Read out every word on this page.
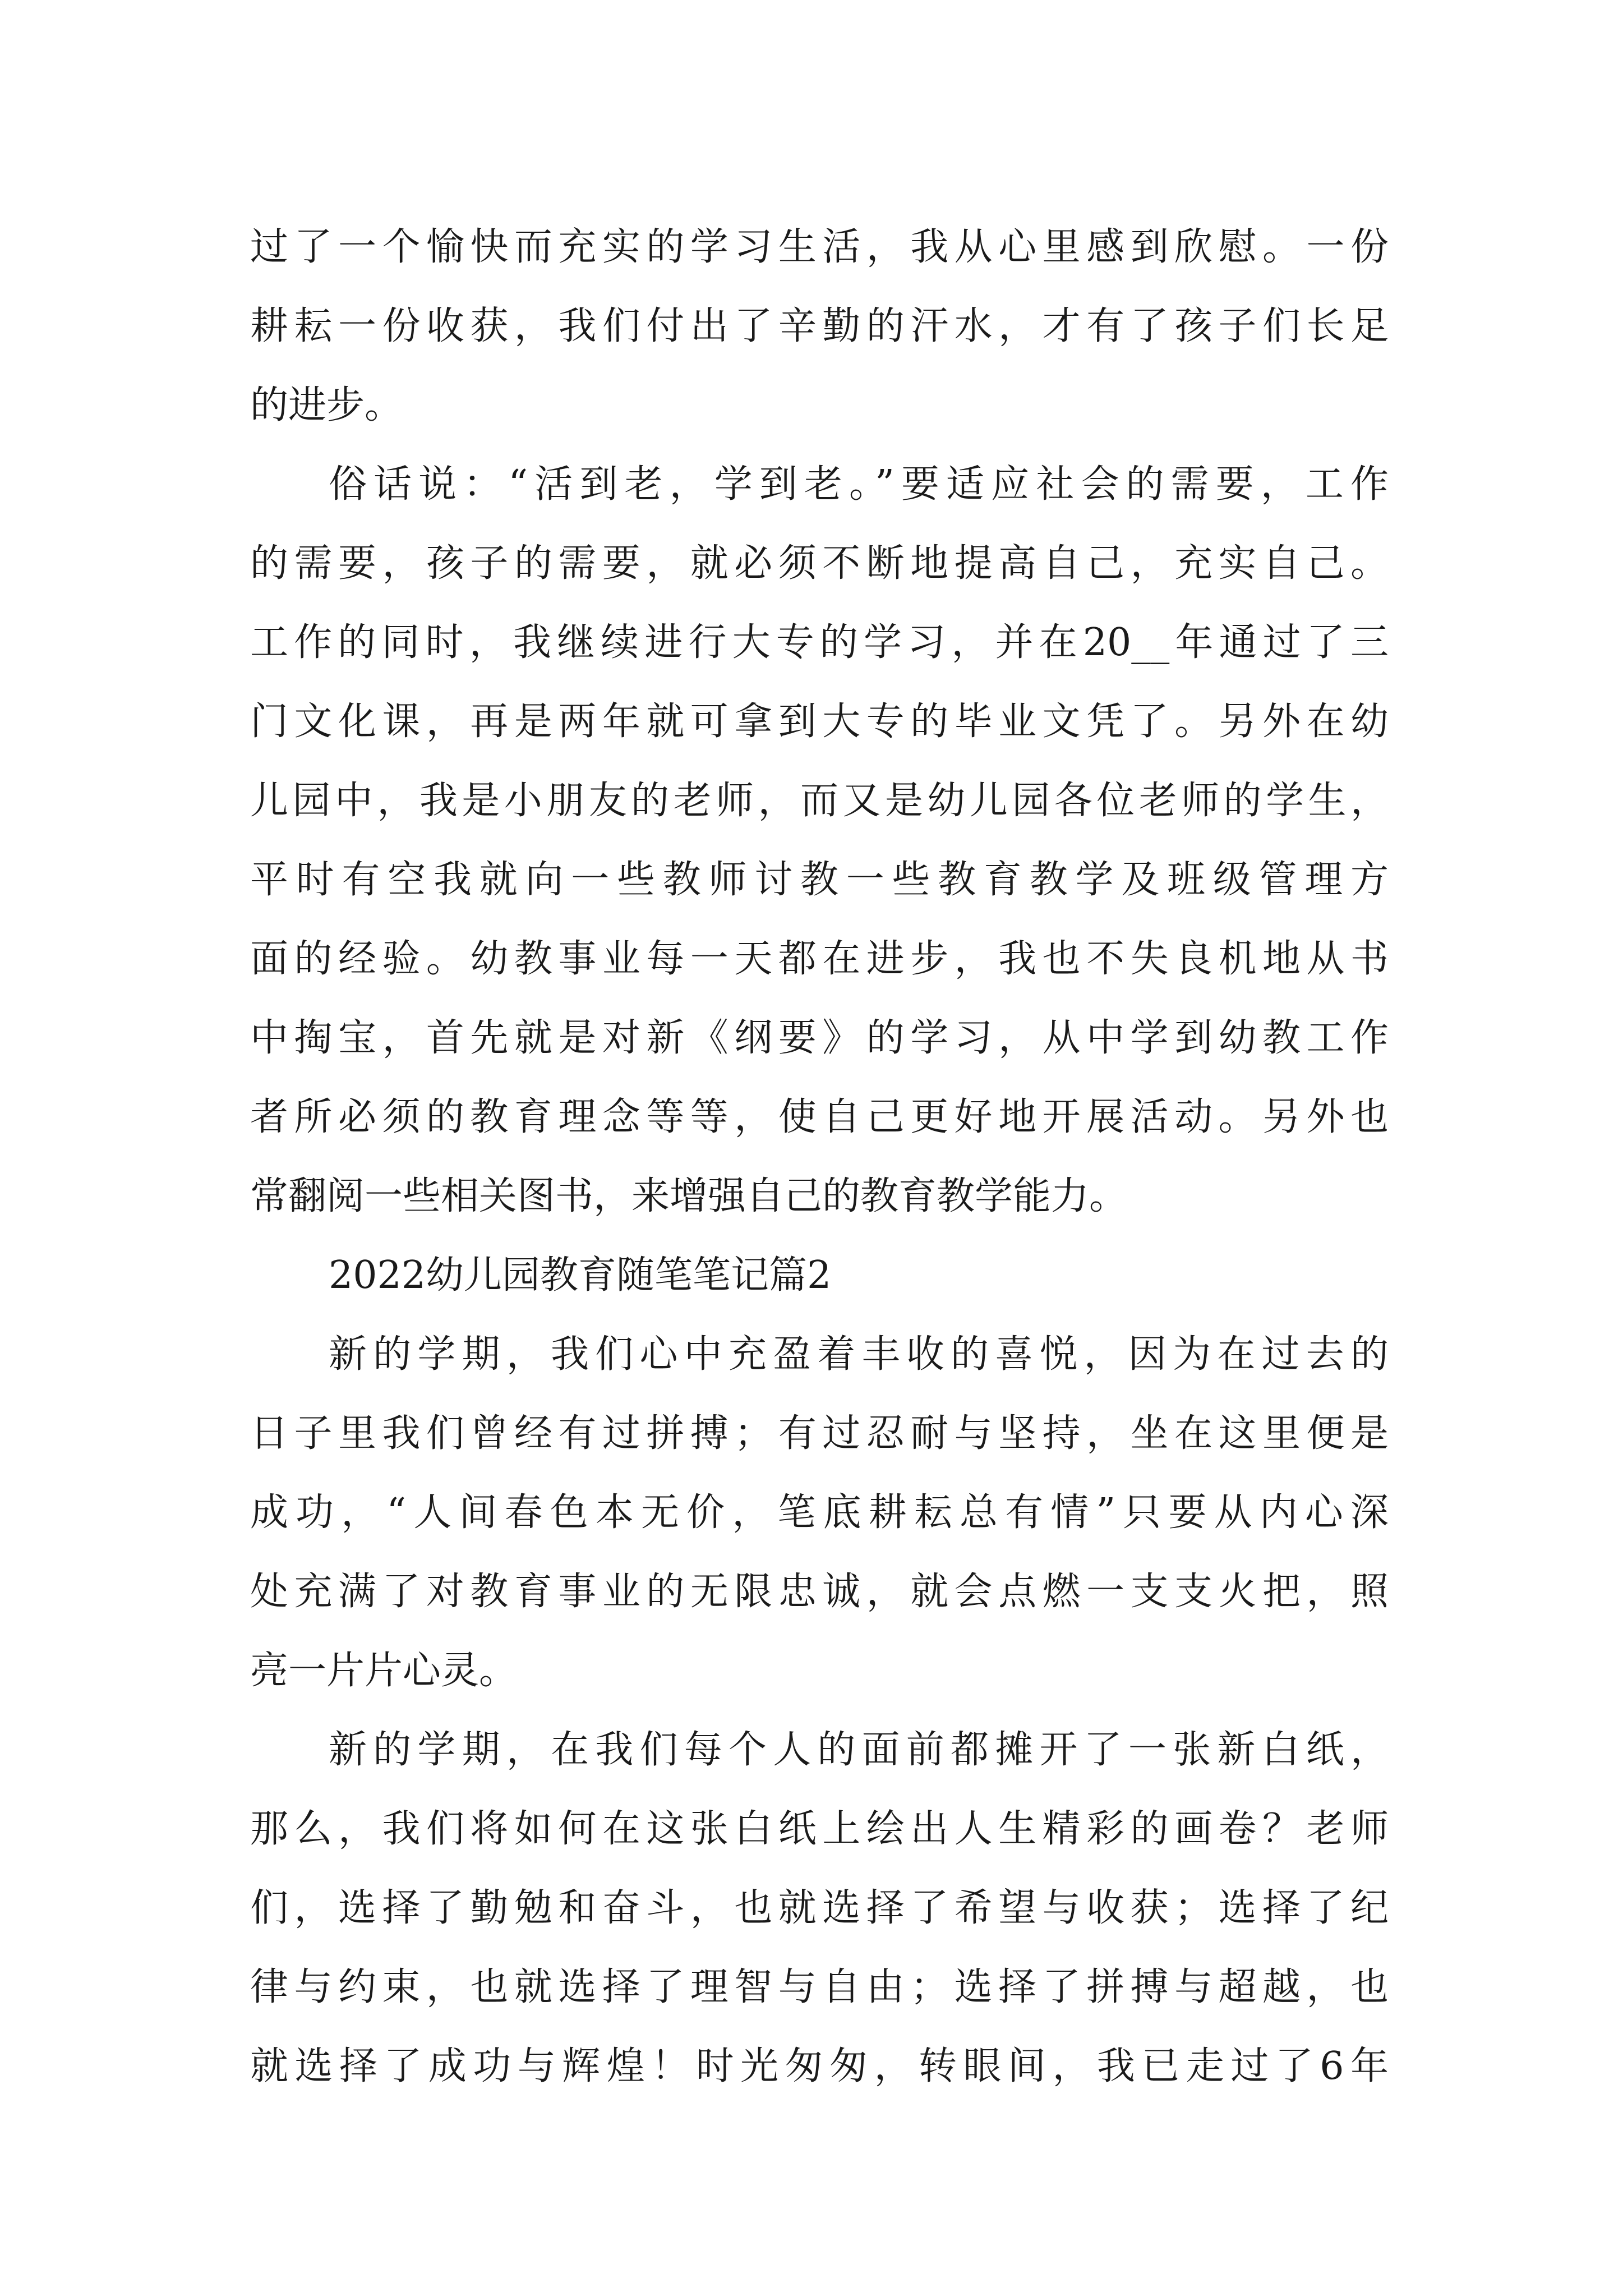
过了一个愉快而充实的学习生活，我从心里感到欣慰。一份
耕耘一份收获，我们付出了辛勤的汗水，才有了孩子们长足
的进步。
俗话说：“活到老，学到老。”要适应社会的需要，工作
的需要，孩子的需要，就必须不断地提高自己，充实自己。
工作的同时，我继续进行大专的学习，并在20__年通过了三
门文化课，再是两年就可拿到大专的毕业文凭了。另外在幼
儿园中，我是小朋友的老师，而又是幼儿园各位老师的学生，
平时有空我就向一些教师讨教一些教育教学及班级管理方
面的经验。幼教事业每一天都在进步，我也不失良机地从书
中掏宝，首先就是对新《纲要》的学习，从中学到幼教工作
者所必须的教育理念等等，使自己更好地开展活动。另外也
常翻阅一些相关图书，来增强自己的教育教学能力。
2022幼儿园教育随笔笔记篇2
新的学期，我们心中充盈着丰收的喜悦，因为在过去的
日子里我们曾经有过拼搏；有过忍耐与坚持，坐在这里便是
成功，“人间春色本无价，笔底耕耘总有情”只要从内心深
处充满了对教育事业的无限忠诚，就会点燃一支支火把，照
亮一片片心灵。
新的学期，在我们每个人的面前都摊开了一张新白纸，
那么，我们将如何在这张白纸上绘出人生精彩的画卷？老师
们，选择了勤勉和奋斗，也就选择了希望与收获；选择了纪
律与约束，也就选择了理智与自由；选择了拼搏与超越，也
就选择了成功与辉煌！时光匆匆，转眼间，我已走过了6年
